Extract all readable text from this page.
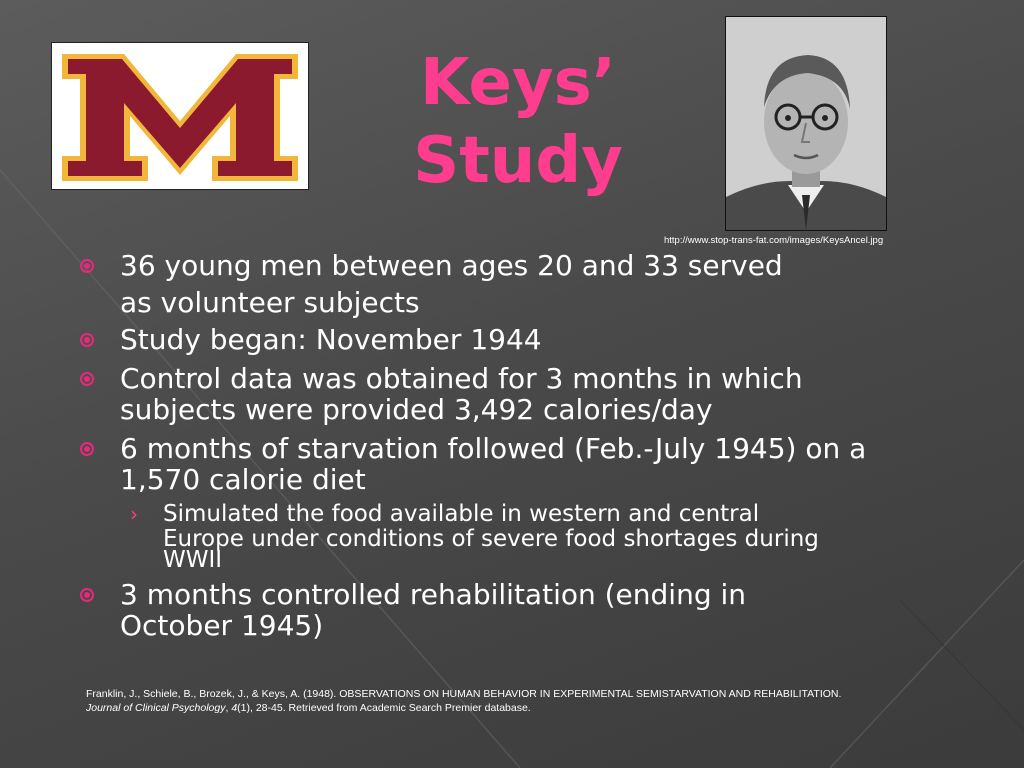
Keys’
Study
http://www.stop-trans-fat.com/images/KeysAncel.jpg
36 young men between ages 20 and 33 served
as volunteer subjects
Study began: November 1944
Control data was obtained for 3 months in which
subjects were provided 3,492 calories/day
6 months of starvation followed (Feb.-July 1945) on a
1,570 calorie diet
› Simulated the food available in western and central
Europe under conditions of severe food shortages during
WWII
3 months controlled rehabilitation (ending in
October 1945)
Franklin, J., Schiele, B., Brozek, J., & Keys, A. (1948). OBSERVATIONS ON HUMAN BEHAVIOR IN EXPERIMENTAL SEMISTARVATION AND REHABILITATION.
Journal of Clinical Psychology, 4(1), 28-45. Retrieved from Academic Search Premier database.
